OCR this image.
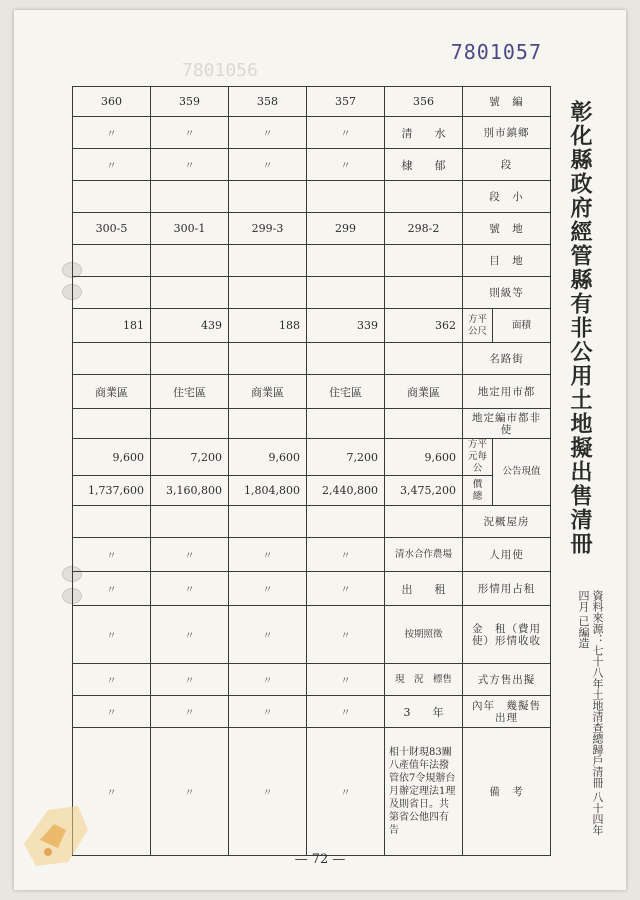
7801056
7801057
360	359	358	357	356	號　編	
〃	〃	〃	〃	清　　水	別市鎮鄉	
〃	〃	〃	〃	棣　　郁	段	
					段　小	
300-5	300-1	299-3	299	298-2	號　地	
					目　地	
					則級等	
181	439	188	339	362	方平公尺	面積
					名路街	
商業區	住宅區	商業區	住宅區	商業區	地定用市都	
					地定編市都非使	
9,600	7,200	9,600	7,200	9,600	方平元每公	公告現值
1,737,600	3,160,800	1,804,800	2,440,800	3,475,200	價　總	
					況概屋房	
〃	〃	〃	〃	清水合作農場	人用使	
〃	〃	〃	〃	出　　租	形情用占租	
〃	〃	〃	〃	按期照徵	金　租（費用使）形情收收	
〃	〃	〃	〃	現　況　標售	式方售出擬	
〃	〃	〃	〃	3　　年	內年　幾擬售出理	
〃	〃	〃	〃	相十財現83關八產值年法撥管依7令規辦台月辦定理法1理及則省日。共第省公他四有告	備　考	
彰化縣政府經管縣有非公用土地擬出售清冊
資料來源：七十八年土地清查總歸戶清冊 八十四年四月 已編造
— 72 —
